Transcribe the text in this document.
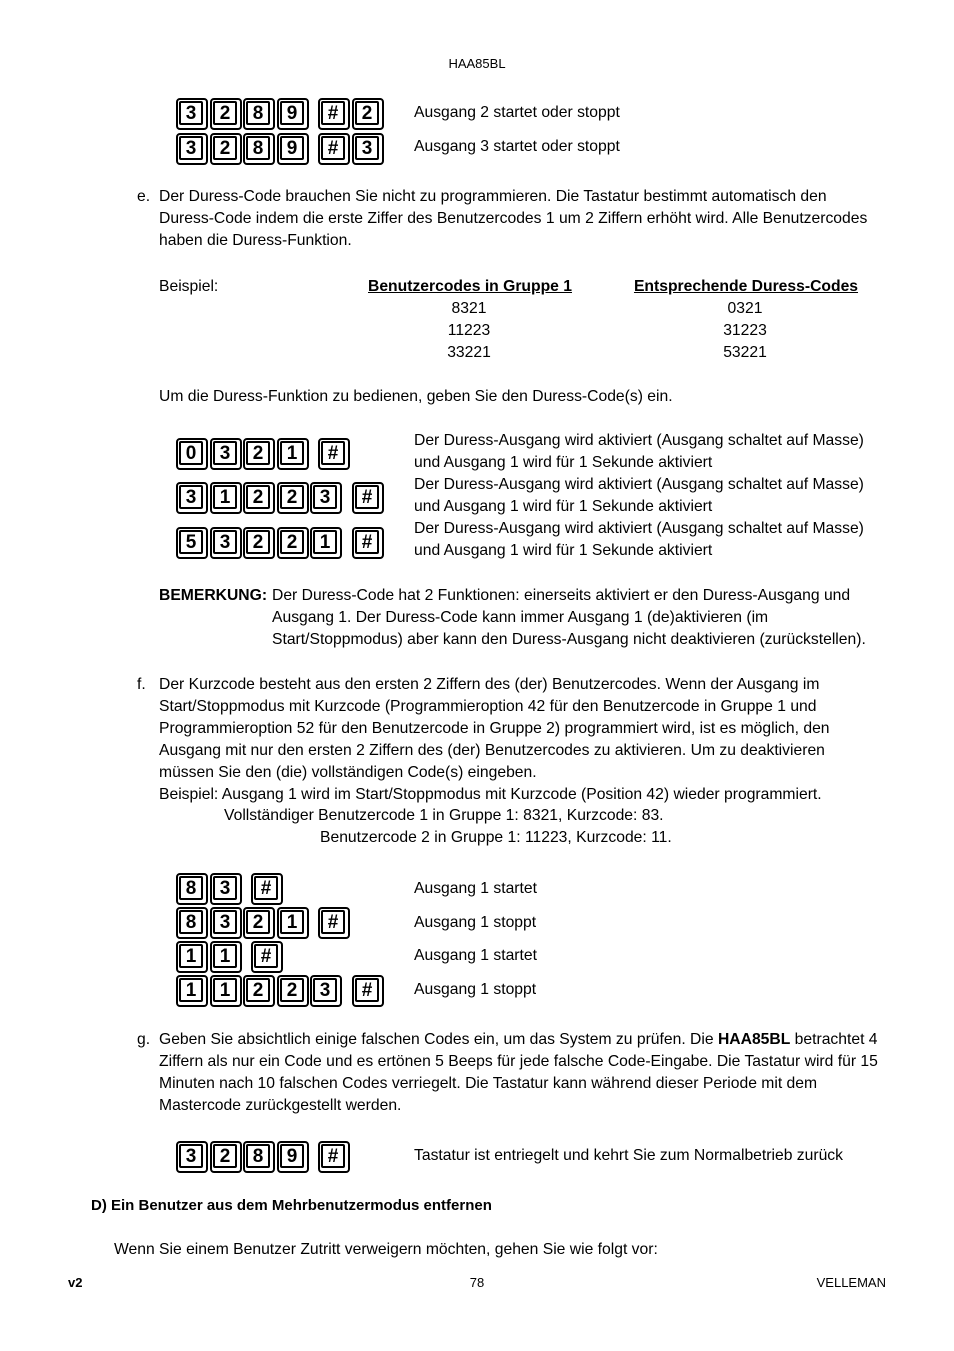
HAA85BL
3	2	8	9	#	2	Ausgang 2 startet oder stoppt
3	2	8	9	#	3	Ausgang 3 startet oder stoppt
e. Der Duress-Code brauchen Sie nicht zu programmieren. Die Tastatur bestimmt automatisch den
Duress-Code indem die erste Ziffer des Benutzercodes 1 um 2 Ziffern erhöht wird. Alle Benutzercodes
haben die Duress-Funktion.
Beispiel:	Benutzercodes in Gruppe 1	Entsprechende Duress-Codes
8321	0321
11223	31223
33221	53221
Um die Duress-Funktion zu bedienen, geben Sie den Duress-Code(s) ein.
0	3	2	1	#
Der Duress-Ausgang wird aktiviert (Ausgang schaltet auf Masse)
und Ausgang 1 wird für 1 Sekunde aktiviert
3	1	2	2	3	#
Der Duress-Ausgang wird aktiviert (Ausgang schaltet auf Masse)
und Ausgang 1 wird für 1 Sekunde aktiviert
5	3	2	2	1	#
Der Duress-Ausgang wird aktiviert (Ausgang schaltet auf Masse)
und Ausgang 1 wird für 1 Sekunde aktiviert
BEMERKUNG: Der Duress-Code hat 2 Funktionen: einerseits aktiviert er den Duress-Ausgang und
Ausgang 1. Der Duress-Code kann immer Ausgang 1 (de)aktivieren (im
Start/Stoppmodus) aber kann den Duress-Ausgang nicht deaktivieren (zurückstellen).
f. Der Kurzcode besteht aus den ersten 2 Ziffern des (der) Benutzercodes. Wenn der Ausgang im
Start/Stoppmodus mit Kurzcode (Programmieroption 42 für den Benutzercode in Gruppe 1 und
Programmieroption 52 für den Benutzercode in Gruppe 2) programmiert wird, ist es möglich, den
Ausgang mit nur den ersten 2 Ziffern des (der) Benutzercodes zu aktivieren. Um zu deaktivieren
müssen Sie den (die) vollständigen Code(s) eingeben.
Beispiel: Ausgang 1 wird im Start/Stoppmodus mit Kurzcode (Position 42) wieder programmiert.
Vollständiger Benutzercode 1 in Gruppe 1: 8321, Kurzcode: 83.
Benutzercode 2 in Gruppe 1: 11223, Kurzcode: 11.
8	3	#	Ausgang 1 startet
8	3	2	1	#	Ausgang 1 stoppt
1	1	#	Ausgang 1 startet
1	1	2	2	3	#	Ausgang 1 stoppt
g. Geben Sie absichtlich einige falschen Codes ein, um das System zu prüfen. Die HAA85BL betrachtet 4
Ziffern als nur ein Code und es ertönen 5 Beeps für jede falsche Code-Eingabe. Die Tastatur wird für 15
Minuten nach 10 falschen Codes verriegelt. Die Tastatur kann während dieser Periode mit dem
Mastercode zurückgestellt werden.
3	2	8	9	#	Tastatur ist entriegelt und kehrt Sie zum Normalbetrieb zurück
D) Ein Benutzer aus dem Mehrbenutzermodus entfernen
Wenn Sie einem Benutzer Zutritt verweigern möchten, gehen Sie wie folgt vor:
v2	78	VELLEMAN
